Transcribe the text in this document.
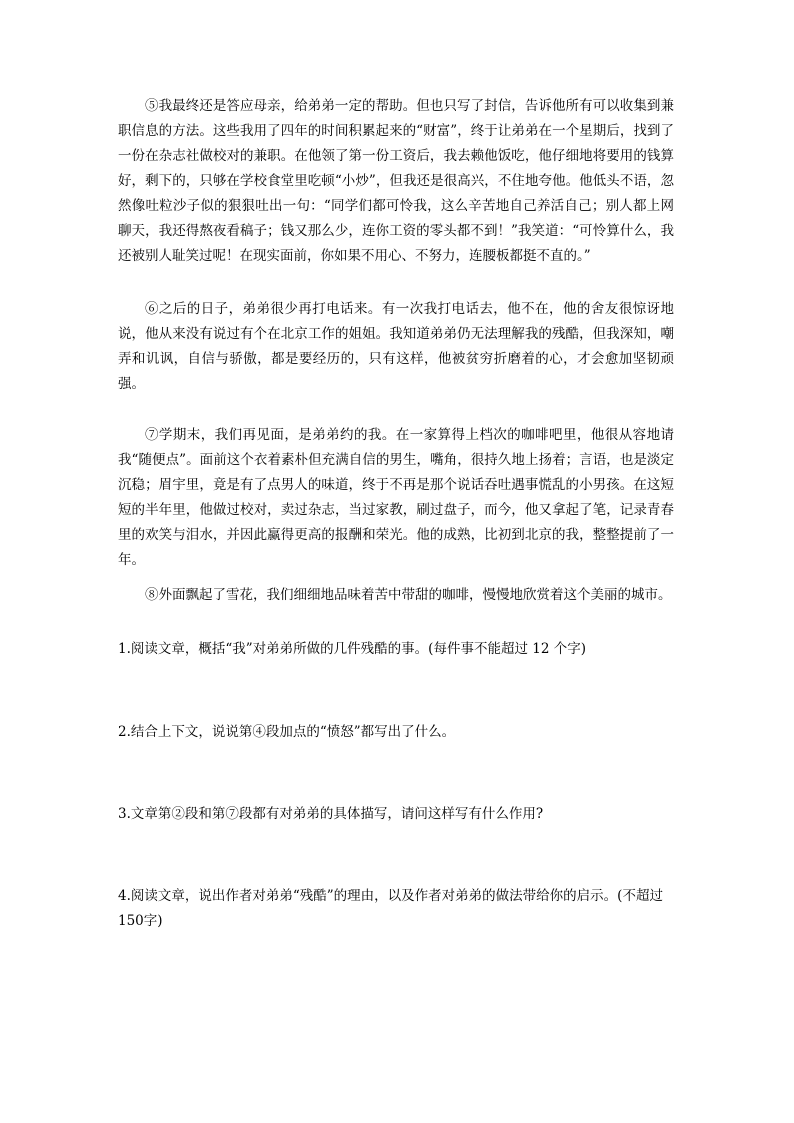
⑤我最终还是答应母亲，给弟弟一定的帮助。但也只写了封信，告诉他所有可以收集到兼职信息的方法。这些我用了四年的时间积累起来的“财富”，终于让弟弟在一个星期后，找到了一份在杂志社做校对的兼职。在他领了第一份工资后，我去赖他饭吃，他仔细地将要用的钱算好，剩下的，只够在学校食堂里吃顿“小炒”，但我还是很高兴，不住地夸他。他低头不语，忽然像吐粒沙子似的狠狠吐出一句：“同学们都可怜我，这么辛苦地自己养活自己；别人都上网聊天，我还得熬夜看稿子；钱又那么少，连你工资的零头都不到！”我笑道：“可怜算什么，我还被别人耻笑过呢！在现实面前，你如果不用心、不努力，连腰板都挺不直的。”

⑥之后的日子，弟弟很少再打电话来。有一次我打电话去，他不在，他的舍友很惊讶地说，他从来没有说过有个在北京工作的姐姐。我知道弟弟仍无法理解我的残酷，但我深知，嘲弄和讥讽，自信与骄傲，都是要经历的，只有这样，他被贫穷折磨着的心，才会愈加坚韧顽强。

⑦学期末，我们再见面，是弟弟约的我。在一家算得上档次的咖啡吧里，他很从容地请我“随便点”。面前这个衣着素朴但充满自信的男生，嘴角，很持久地上扬着；言语，也是淡定沉稳；眉宇里，竟是有了点男人的味道，终于不再是那个说话吞吐遇事慌乱的小男孩。在这短短的半年里，他做过校对，卖过杂志，当过家教，刷过盘子，而今，他又拿起了笔，记录青春里的欢笑与泪水，并因此赢得更高的报酬和荣光。他的成熟，比初到北京的我，整整提前了一年。

⑧外面飘起了雪花，我们细细地品味着苦中带甜的咖啡，慢慢地欣赏着这个美丽的城市。

1.阅读文章，概括“我”对弟弟所做的几件残酷的事。(每件事不能超过 12 个字)

2.结合上下文，说说第④段加点的“愤怒”都写出了什么。

3.文章第②段和第⑦段都有对弟弟的具体描写，请问这样写有什么作用?

4.阅读文章，说出作者对弟弟“残酷”的理由，以及作者对弟弟的做法带给你的启示。(不超过 150字)
